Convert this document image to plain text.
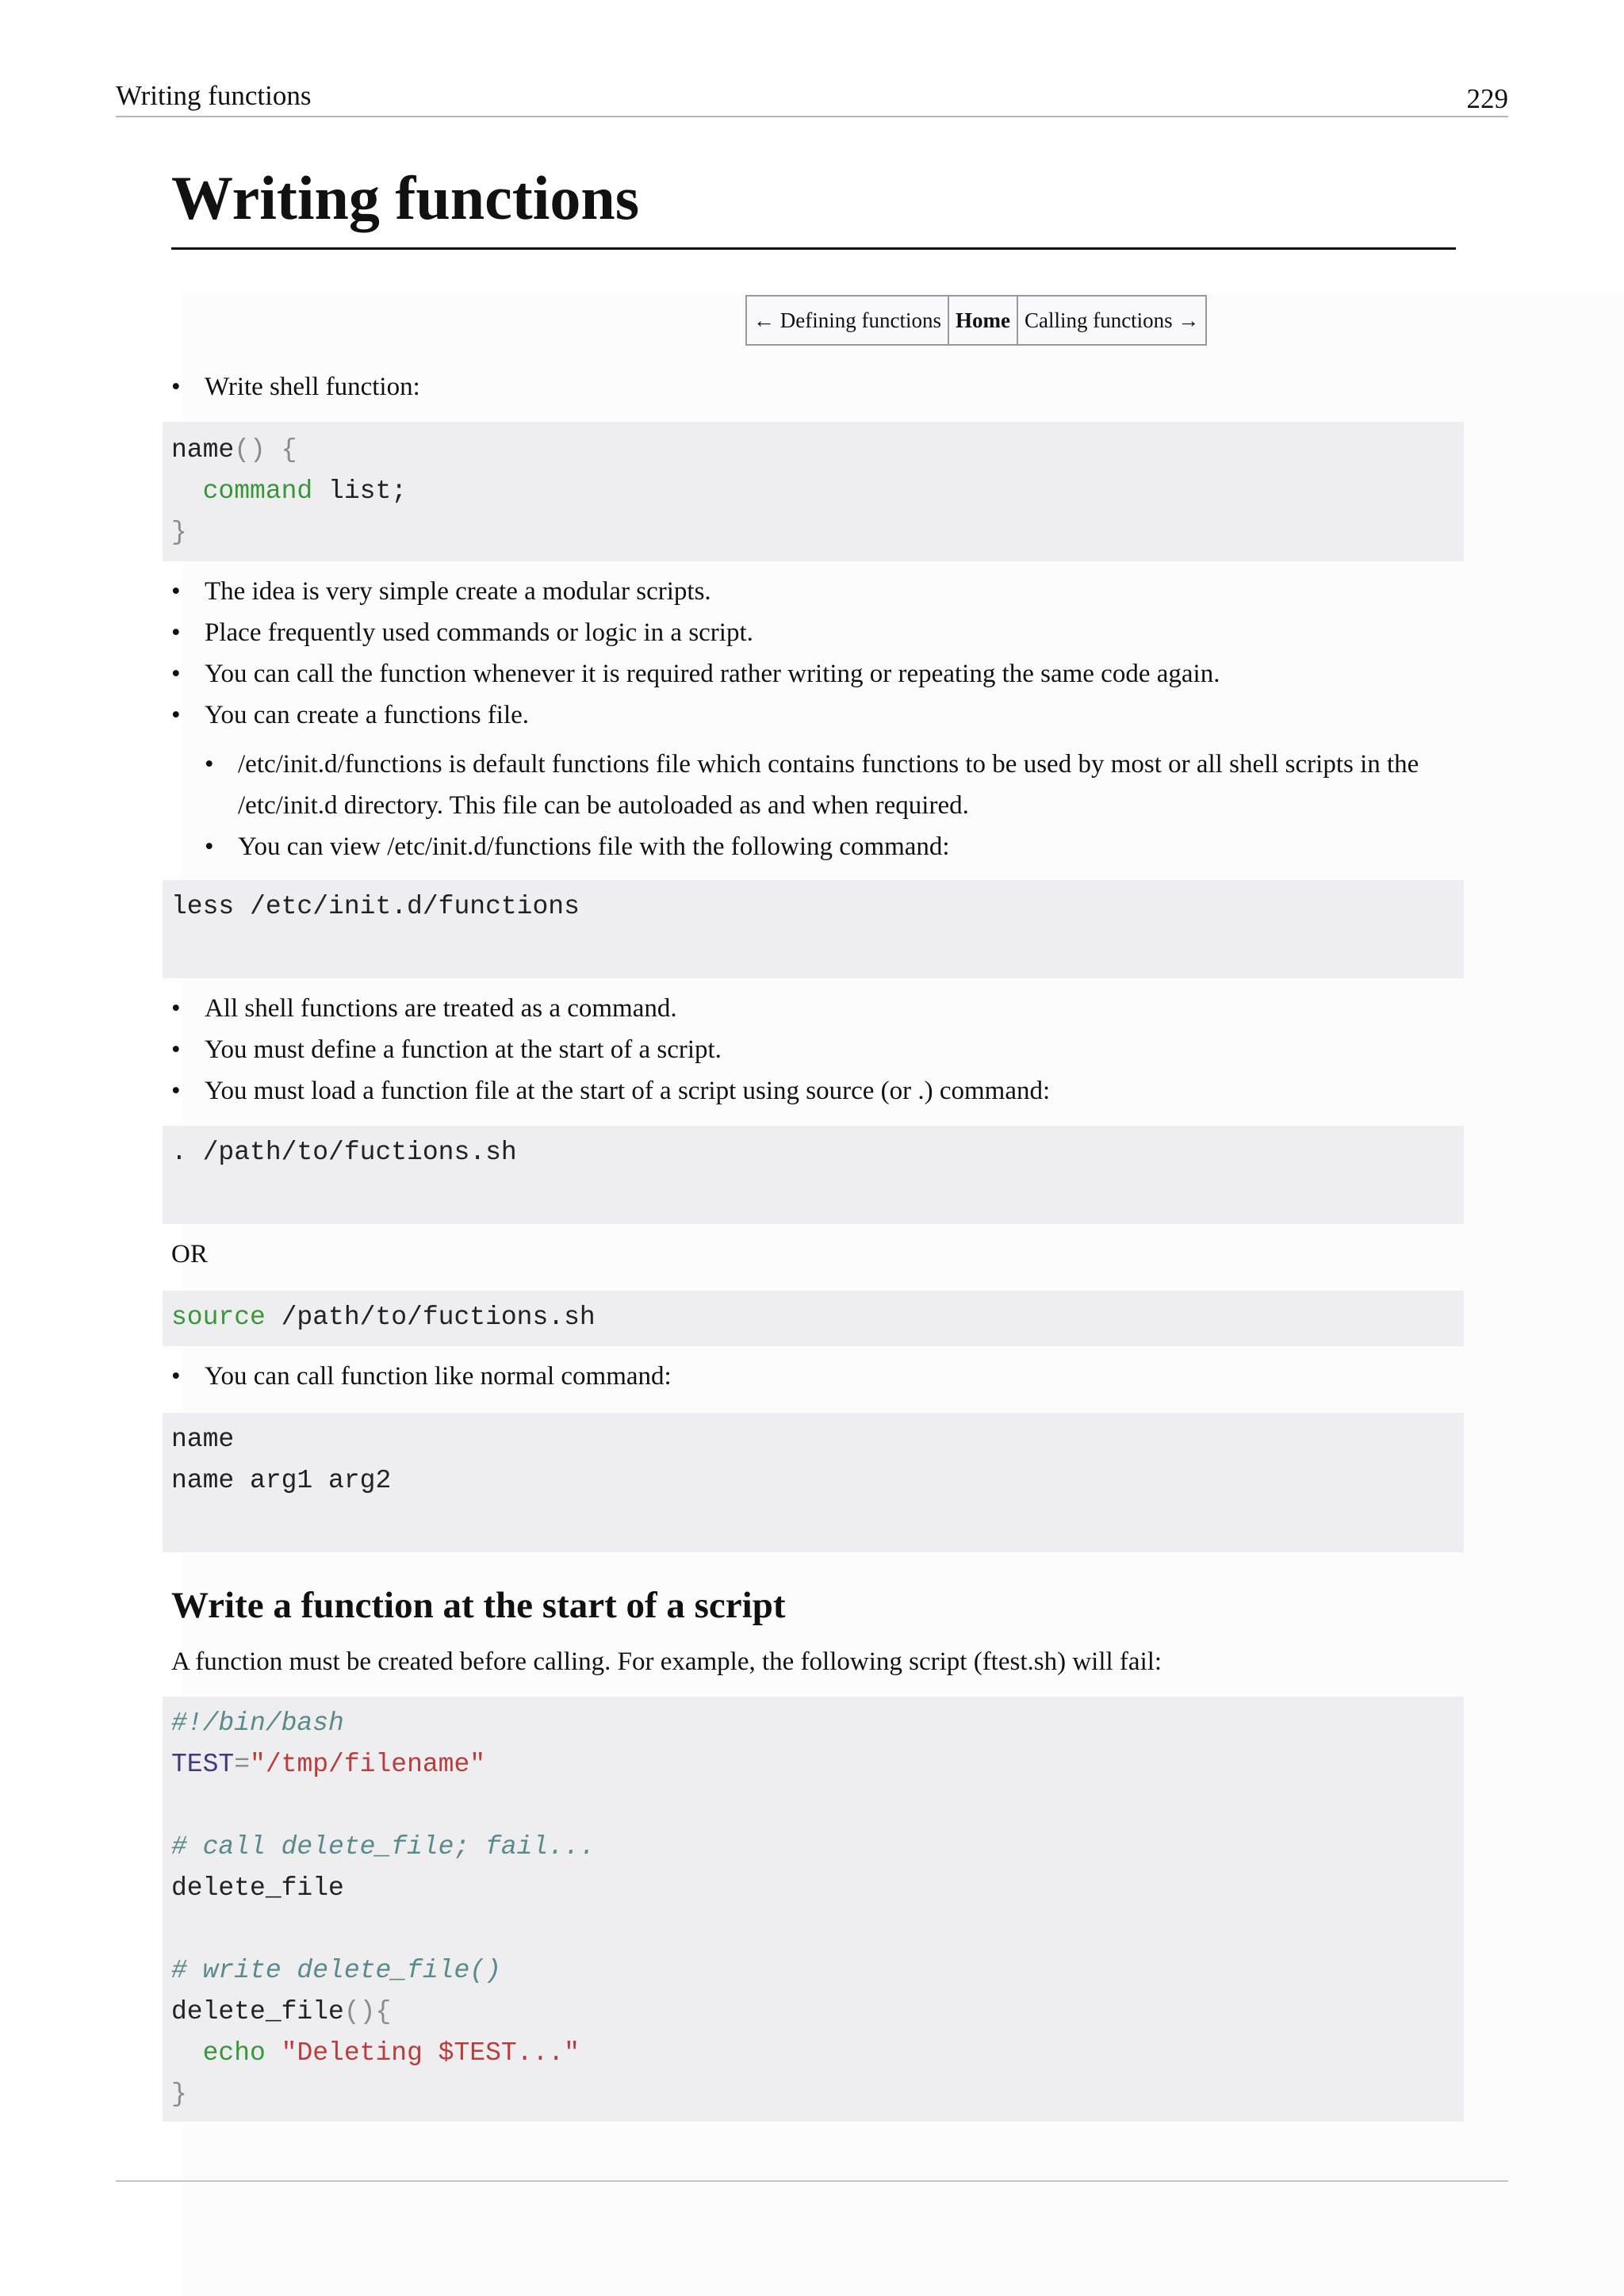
Writing functions	229
Writing functions
← Defining functions	Home	Calling functions →
• Write shell function:
name() {
command list;
}
• The idea is very simple create a modular scripts.
• Place frequently used commands or logic in a script.
• You can call the function whenever it is required rather writing or repeating the same code again.
• You can create a functions file.
• /etc/init.d/functions is default functions file which contains functions to be used by most or all shell scripts in the /etc/init.d directory. This file can be autoloaded as and when required.
• You can view /etc/init.d/functions file with the following command:
less /etc/init.d/functions
• All shell functions are treated as a command.
• You must define a function at the start of a script.
• You must load a function file at the start of a script using source (or .) command:
. /path/to/fuctions.sh
OR
source /path/to/fuctions.sh
• You can call function like normal command:
name
name arg1 arg2
Write a function at the start of a script
A function must be created before calling. For example, the following script (ftest.sh) will fail:
#!/bin/bash
TEST="/tmp/filename"
# call delete_file; fail...
delete_file
# write delete_file()
delete_file(){
echo "Deleting $TEST..."
}
